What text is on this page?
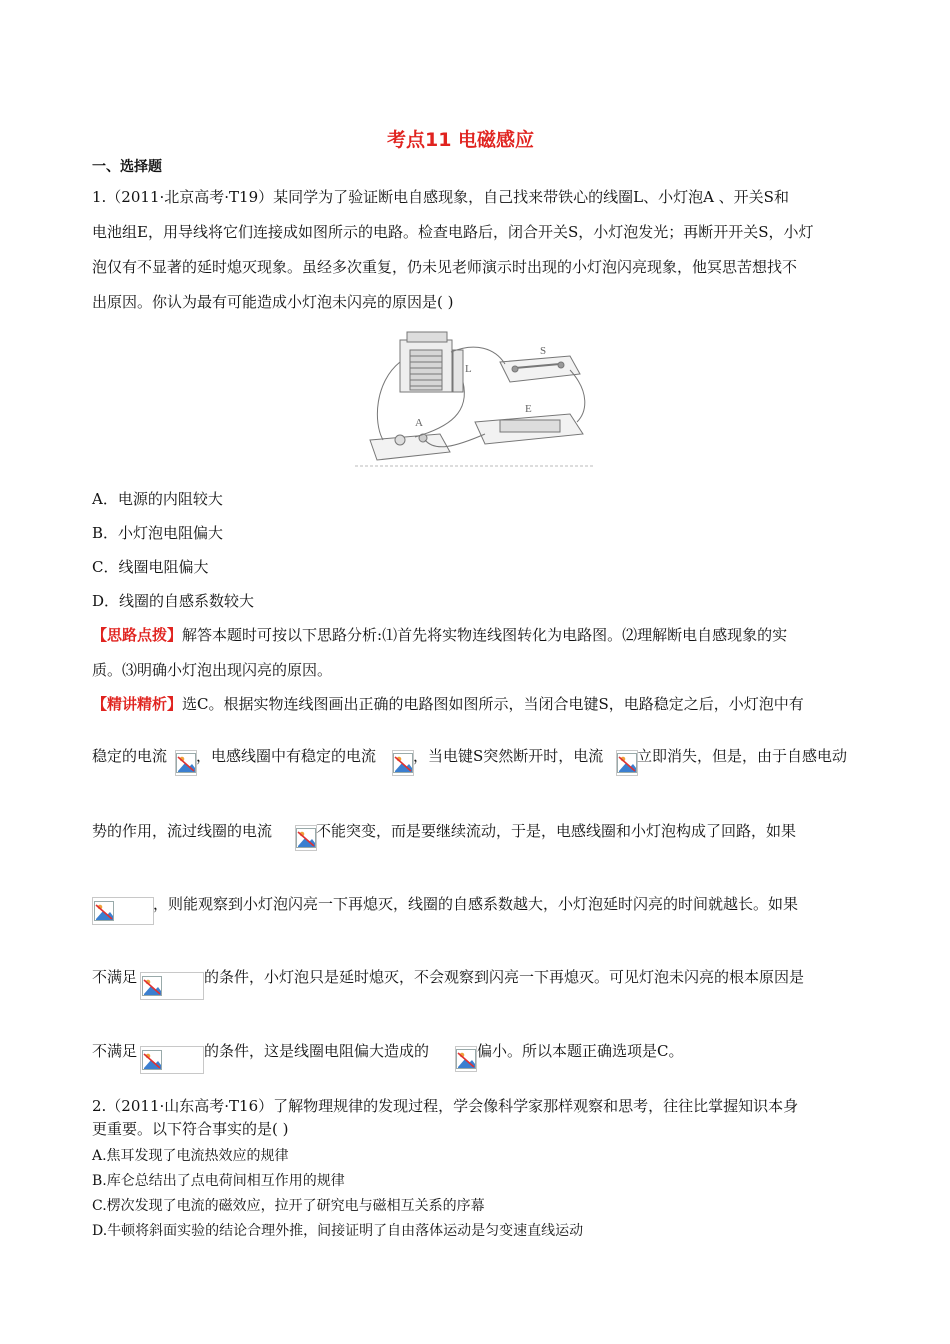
考点11 电磁感应
一、选择题
1.（2011·北京高考·T19）某同学为了验证断电自感现象，自己找来带铁心的线圈L、小灯泡A 、开关S和
电池组E，用导线将它们连接成如图所示的电路。检查电路后，闭合开关S，小灯泡发光；再断开开关S，小灯
泡仅有不显著的延时熄灭现象。虽经多次重复，仍未见老师演示时出现的小灯泡闪亮现象，他冥思苦想找不
出原因。你认为最有可能造成小灯泡未闪亮的原因是( )
S
L
A
E
A．电源的内阻较大
B．小灯泡电阻偏大
C．线圈电阻偏大
D．线圈的自感系数较大
【思路点拨】解答本题时可按以下思路分析:⑴首先将实物连线图转化为电路图。⑵理解断电自感现象的实
质。⑶明确小灯泡出现闪亮的原因。
【精讲精析】选C。根据实物连线图画出正确的电路图如图所示，当闭合电键S，电路稳定之后，小灯泡中有
稳定的电流 ，电感线圈中有稳定的电流 ，当电键S突然断开时，电流 立即消失，但是，由于自感电动
势的作用，流过线圈的电流	不能突变，而是要继续流动，于是，电感线圈和小灯泡构成了回路，如果
，则能观察到小灯泡闪亮一下再熄灭，线圈的自感系数越大，小灯泡延时闪亮的时间就越长。如果
不满足	的条件，小灯泡只是延时熄灭，不会观察到闪亮一下再熄灭。可见灯泡未闪亮的根本原因是
不满足	的条件，这是线圈电阻偏大造成的	偏小。所以本题正确选项是C。
2.（2011·山东高考·T16）了解物理规律的发现过程，学会像科学家那样观察和思考，往往比掌握知识本身
更重要。以下符合事实的是( )
A.焦耳发现了电流热效应的规律
B.库仑总结出了点电荷间相互作用的规律
C.楞次发现了电流的磁效应，拉开了研究电与磁相互关系的序幕
D.牛顿将斜面实验的结论合理外推，间接证明了自由落体运动是匀变速直线运动
